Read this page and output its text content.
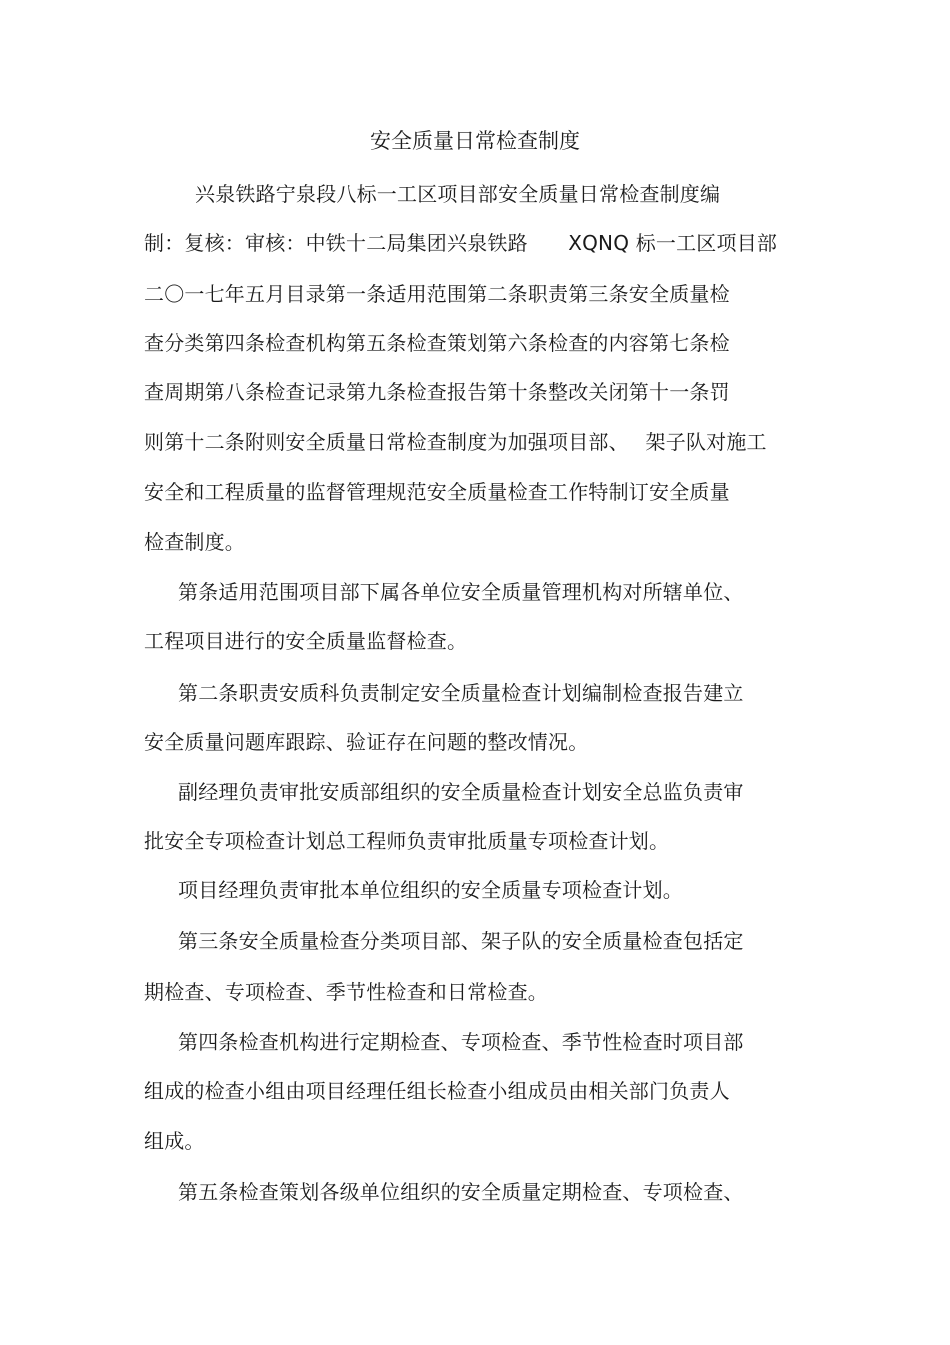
安全质量日常检查制度
兴泉铁路宁泉段八标一工区项目部安全质量日常检查制度编
制：复核：审核：中铁十二局集团兴泉铁路　　XQNQ 标一工区项目部
二〇一七年五月目录第一条适用范围第二条职责第三条安全质量检
查分类第四条检查机构第五条检查策划第六条检查的内容第七条检
查周期第八条检查记录第九条检查报告第十条整改关闭第十一条罚
则第十二条附则安全质量日常检查制度为加强项目部、　 架子队对施工
安全和工程质量的监督管理规范安全质量检查工作特制订安全质量
检查制度。
第条适用范围项目部下属各单位安全质量管理机构对所辖单位、
工程项目进行的安全质量监督检查。
第二条职责安质科负责制定安全质量检查计划编制检查报告建立
安全质量问题库跟踪、验证存在问题的整改情况。
副经理负责审批安质部组织的安全质量检查计划安全总监负责审
批安全专项检查计划总工程师负责审批质量专项检查计划。
项目经理负责审批本单位组织的安全质量专项检查计划。
第三条安全质量检查分类项目部、架子队的安全质量检查包括定
期检查、专项检查、季节性检查和日常检查。
第四条检查机构进行定期检查、专项检查、季节性检查时项目部
组成的检查小组由项目经理任组长检查小组成员由相关部门负责人
组成。
第五条检查策划各级单位组织的安全质量定期检查、专项检查、
